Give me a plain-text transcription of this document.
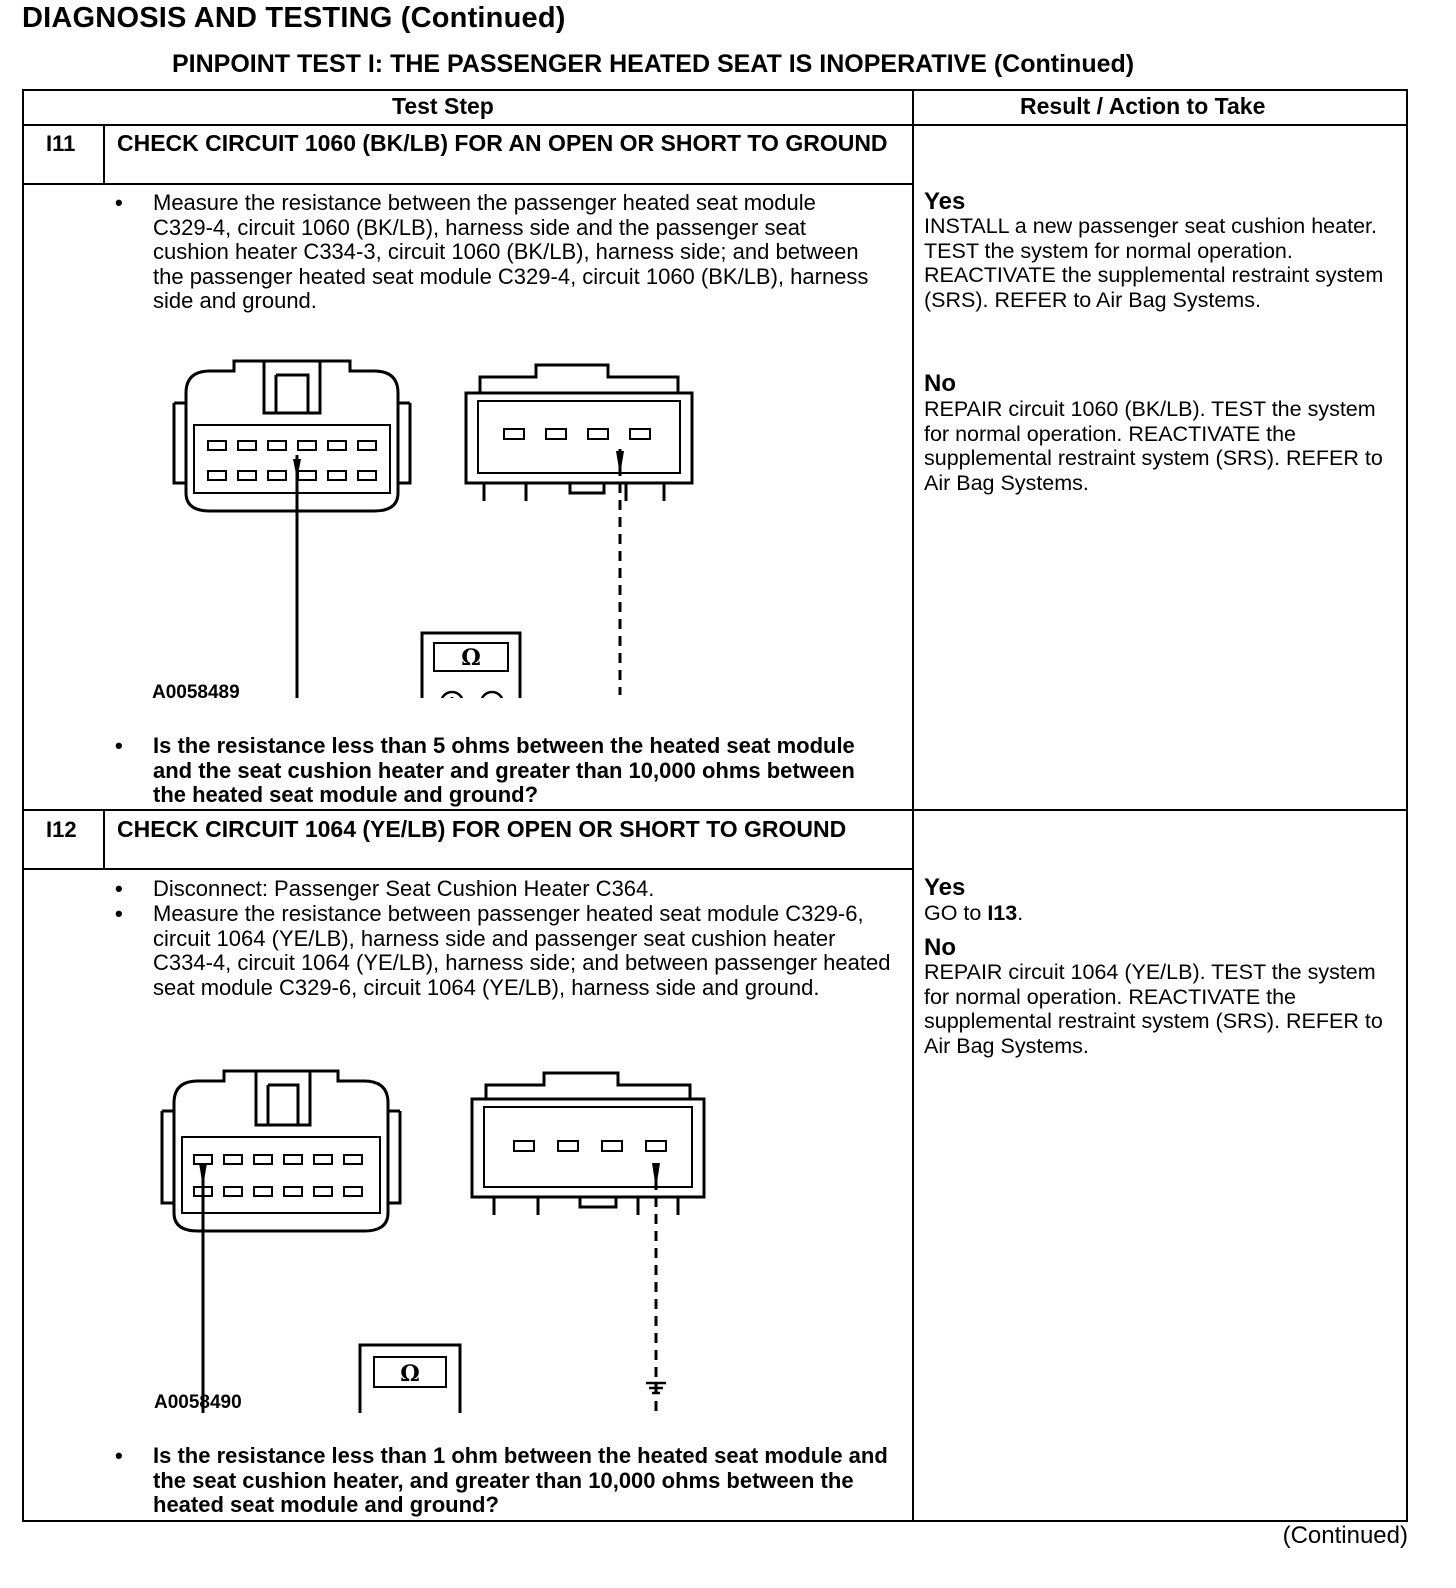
DIAGNOSIS AND TESTING (Continued)
PINPOINT TEST I: THE PASSENGER HEATED SEAT IS INOPERATIVE (Continued)
Test Step	Result / Action to Take
I11 CHECK CIRCUIT 1060 (BK/LB) FOR AN OPEN OR SHORT TO GROUND
• Measure the resistance between the passenger heated seat module C329-4, circuit 1060 (BK/LB), harness side and the passenger seat cushion heater C334-3, circuit 1060 (BK/LB), harness side; and between the passenger heated seat module C329-4, circuit 1060 (BK/LB), harness side and ground.
Ω
A0058489
• Is the resistance less than 5 ohms between the heated seat module and the seat cushion heater and greater than 10,000 ohms between the heated seat module and ground?
Yes
INSTALL a new passenger seat cushion heater. TEST the system for normal operation. REACTIVATE the supplemental restraint system (SRS). REFER to Air Bag Systems.
No
REPAIR circuit 1060 (BK/LB). TEST the system for normal operation. REACTIVATE the supplemental restraint system (SRS). REFER to Air Bag Systems.
I12 CHECK CIRCUIT 1064 (YE/LB) FOR OPEN OR SHORT TO GROUND
• Disconnect: Passenger Seat Cushion Heater C364.
• Measure the resistance between passenger heated seat module C329-6, circuit 1064 (YE/LB), harness side and passenger seat cushion heater C334-4, circuit 1064 (YE/LB), harness side; and between passenger heated seat module C329-6, circuit 1064 (YE/LB), harness side and ground.
Ω
A0058490
• Is the resistance less than 1 ohm between the heated seat module and the seat cushion heater, and greater than 10,000 ohms between the heated seat module and ground?
Yes
GO to I13.
No
REPAIR circuit 1064 (YE/LB). TEST the system for normal operation. REACTIVATE the supplemental restraint system (SRS). REFER to Air Bag Systems.
(Continued)
